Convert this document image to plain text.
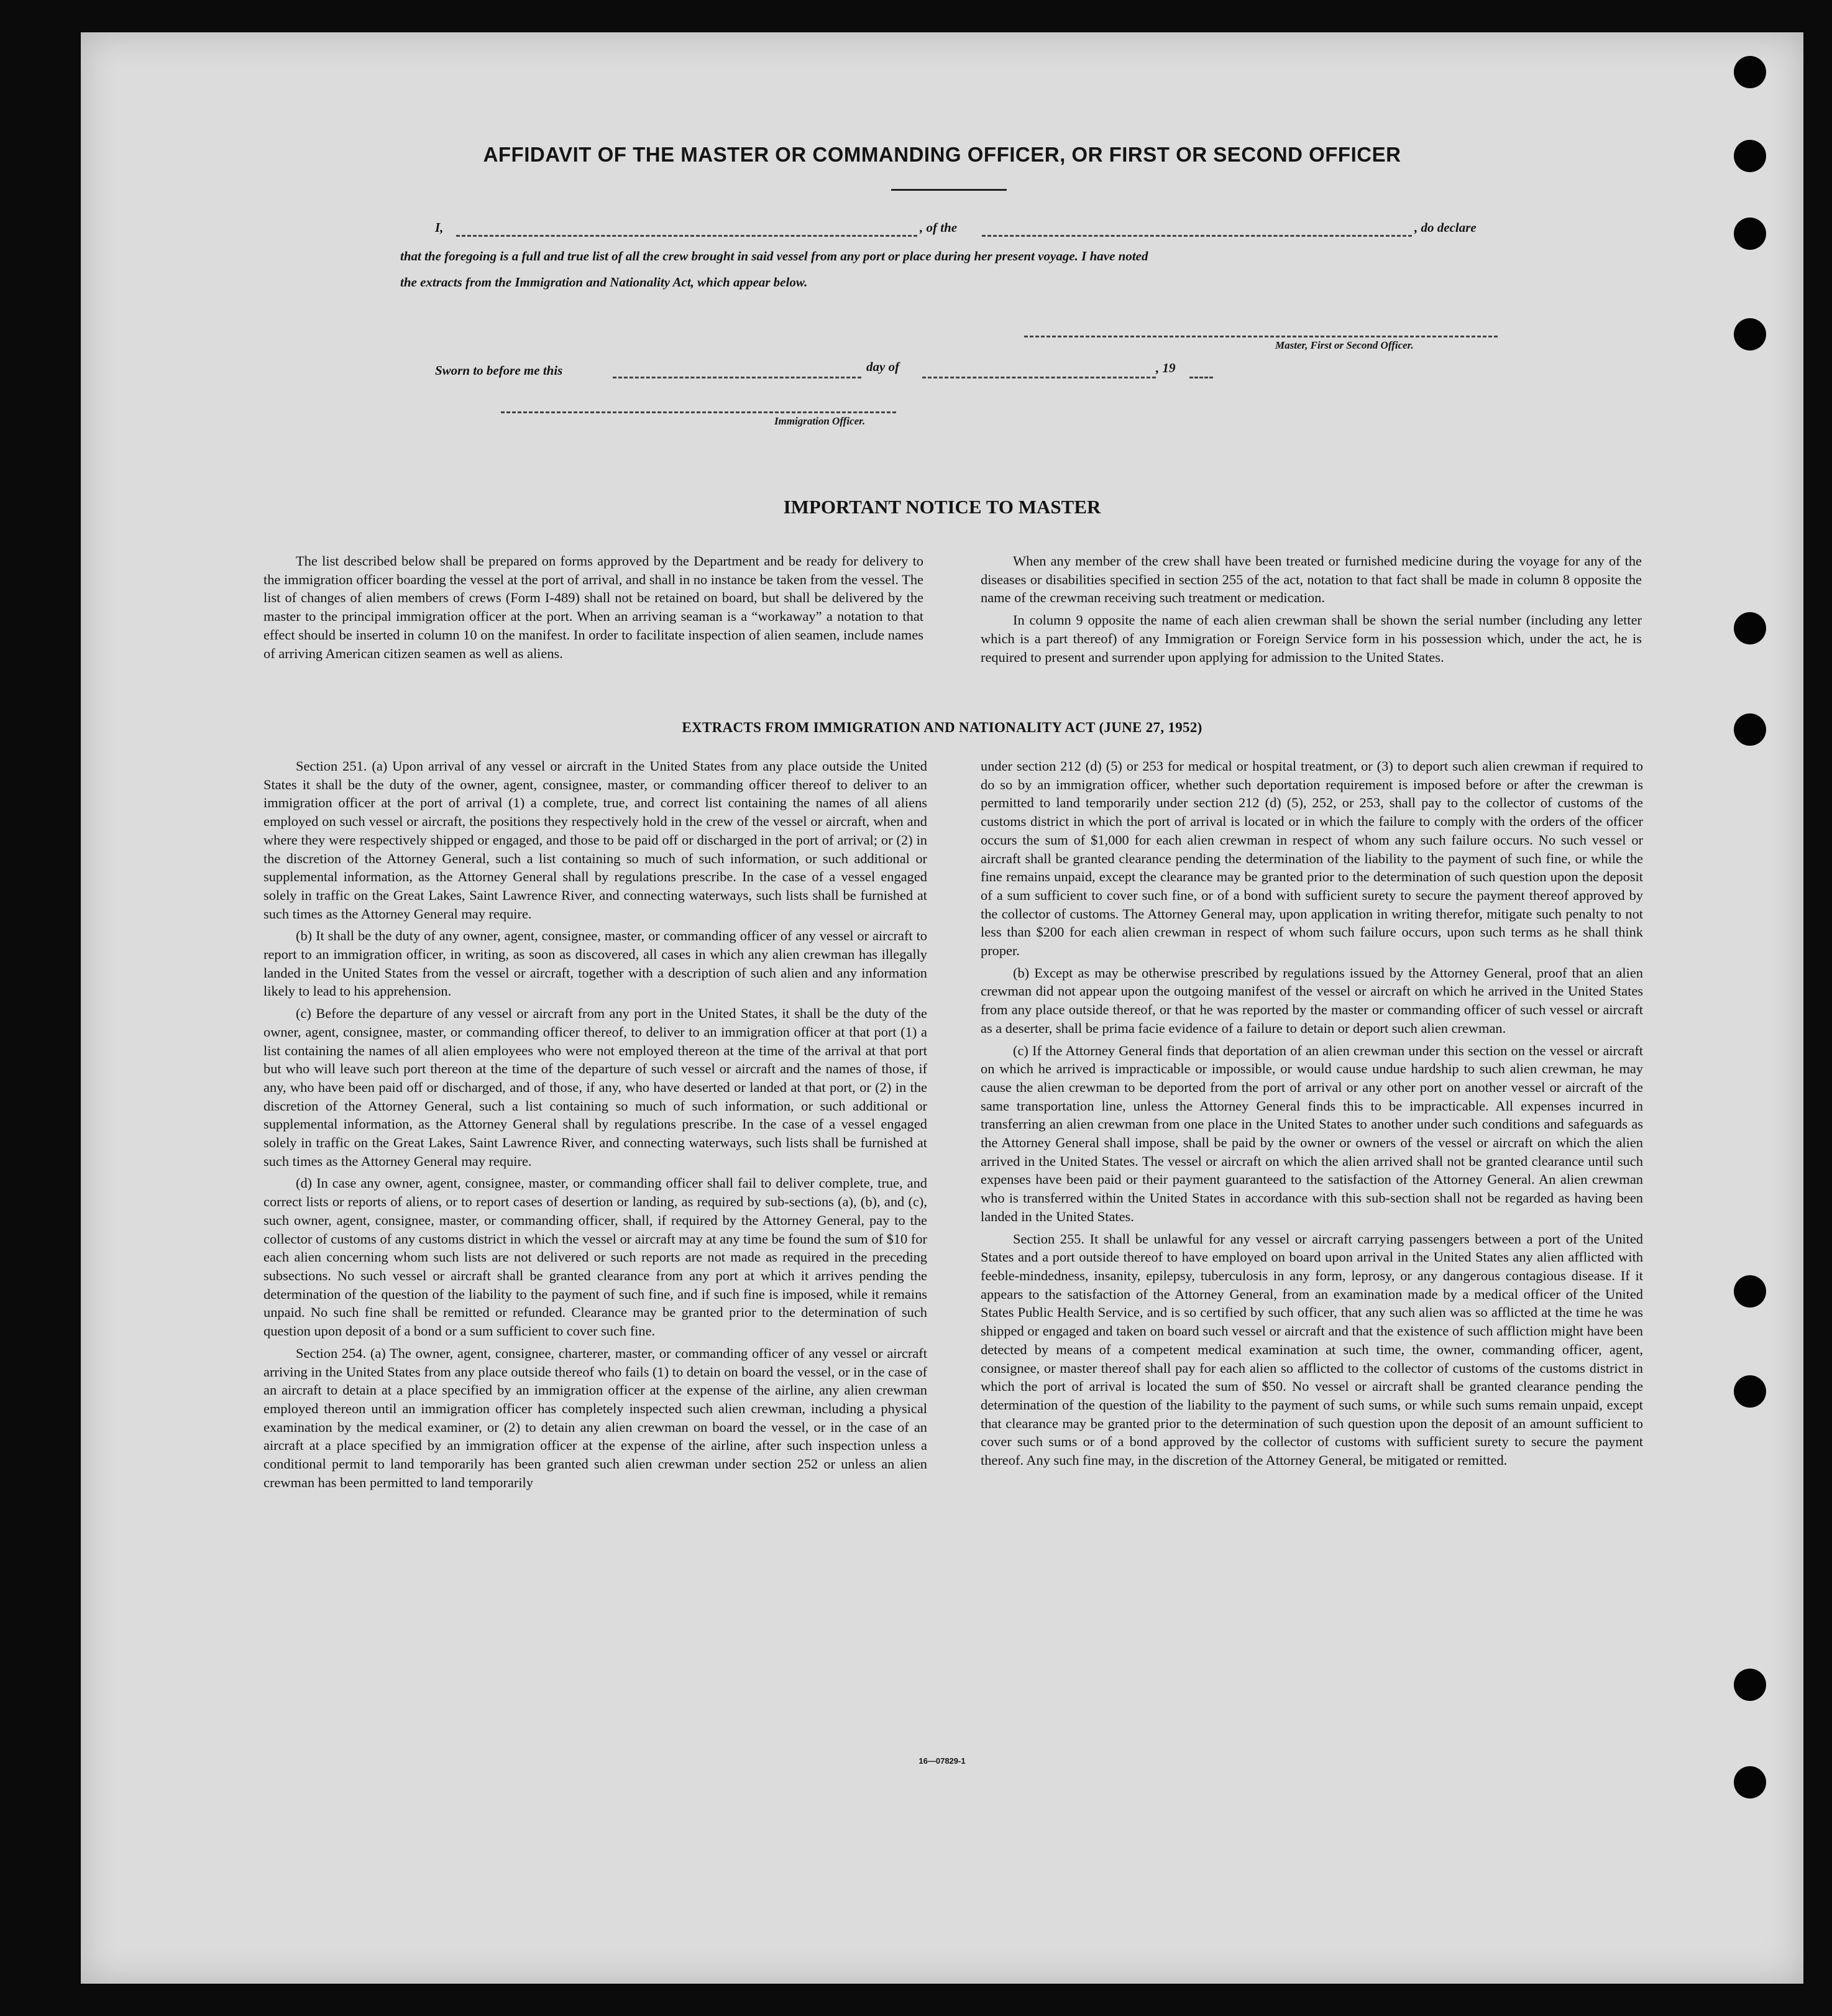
AFFIDAVIT OF THE MASTER OR COMMANDING OFFICER, OR FIRST OR SECOND OFFICER
I,	, of the	, do declare
that the foregoing is a full and true list of all the crew brought in said vessel from any port or place during her present voyage. I have noted
the extracts from the Immigration and Nationality Act, which appear below.
Master, First or Second Officer.
Sworn to before me this	day of	, 19
Immigration Officer.
IMPORTANT NOTICE TO MASTER

The list described below shall be prepared on forms approved by the Department and be ready for delivery to the immigration officer boarding the vessel at the port of arrival, and shall in no instance be taken from the vessel. The list of changes of alien members of crews (Form I-489) shall not be retained on board, but shall be delivered by the master to the principal immigration officer at the port. When an arriving seaman is a “workaway” a notation to that effect should be inserted in column 10 on the manifest. In order to facilitate inspection of alien seamen, include names of arriving American citizen seamen as well as aliens.

When any member of the crew shall have been treated or furnished medicine during the voyage for any of the diseases or disabilities specified in section 255 of the act, notation to that fact shall be made in column 8 opposite the name of the crewman receiving such treatment or medication.

In column 9 opposite the name of each alien crewman shall be shown the serial number (including any letter which is a part thereof) of any Immigration or Foreign Service form in his possession which, under the act, he is required to present and surrender upon applying for admission to the United States.

EXTRACTS FROM IMMIGRATION AND NATIONALITY ACT (JUNE 27, 1952)

Section 251. (a) Upon arrival of any vessel or aircraft in the United States from any place outside the United States it shall be the duty of the owner, agent, consignee, master, or commanding officer thereof to deliver to an immigration officer at the port of arrival (1) a complete, true, and correct list containing the names of all aliens employed on such vessel or aircraft, the positions they respectively hold in the crew of the vessel or aircraft, when and where they were respectively shipped or engaged, and those to be paid off or discharged in the port of arrival; or (2) in the discretion of the Attorney General, such a list containing so much of such information, or such additional or supplemental information, as the Attorney General shall by regulations prescribe. In the case of a vessel engaged solely in traffic on the Great Lakes, Saint Lawrence River, and connecting waterways, such lists shall be furnished at such times as the Attorney General may require.

(b) It shall be the duty of any owner, agent, consignee, master, or commanding officer of any vessel or aircraft to report to an immigration officer, in writing, as soon as discovered, all cases in which any alien crewman has illegally landed in the United States from the vessel or aircraft, together with a description of such alien and any information likely to lead to his apprehension.

(c) Before the departure of any vessel or aircraft from any port in the United States, it shall be the duty of the owner, agent, consignee, master, or commanding officer thereof, to deliver to an immigration officer at that port (1) a list containing the names of all alien employees who were not employed thereon at the time of the arrival at that port but who will leave such port thereon at the time of the departure of such vessel or aircraft and the names of those, if any, who have been paid off or discharged, and of those, if any, who have deserted or landed at that port, or (2) in the discretion of the Attorney General, such a list containing so much of such information, or such additional or supplemental information, as the Attorney General shall by regulations prescribe. In the case of a vessel engaged solely in traffic on the Great Lakes, Saint Lawrence River, and connecting waterways, such lists shall be furnished at such times as the Attorney General may require.

(d) In case any owner, agent, consignee, master, or commanding officer shall fail to deliver complete, true, and correct lists or reports of aliens, or to report cases of desertion or landing, as required by sub-sections (a), (b), and (c), such owner, agent, consignee, master, or commanding officer, shall, if required by the Attorney General, pay to the collector of customs of any customs district in which the vessel or aircraft may at any time be found the sum of $10 for each alien concerning whom such lists are not delivered or such reports are not made as required in the preceding subsections. No such vessel or aircraft shall be granted clearance from any port at which it arrives pending the determination of the question of the liability to the payment of such fine, and if such fine is imposed, while it remains unpaid. No such fine shall be remitted or refunded. Clearance may be granted prior to the determination of such question upon deposit of a bond or a sum sufficient to cover such fine.

Section 254. (a) The owner, agent, consignee, charterer, master, or commanding officer of any vessel or aircraft arriving in the United States from any place outside thereof who fails (1) to detain on board the vessel, or in the case of an aircraft to detain at a place specified by an immigration officer at the expense of the airline, any alien crewman employed thereon until an immigration officer has completely inspected such alien crewman, including a physical examination by the medical examiner, or (2) to detain any alien crewman on board the vessel, or in the case of an aircraft at a place specified by an immigration officer at the expense of the airline, after such inspection unless a conditional permit to land temporarily has been granted such alien crewman under section 252 or unless an alien crewman has been permitted to land temporarily

under section 212 (d) (5) or 253 for medical or hospital treatment, or (3) to deport such alien crewman if required to do so by an immigration officer, whether such deportation requirement is imposed before or after the crewman is permitted to land temporarily under section 212 (d) (5), 252, or 253, shall pay to the collector of customs of the customs district in which the port of arrival is located or in which the failure to comply with the orders of the officer occurs the sum of $1,000 for each alien crewman in respect of whom any such failure occurs. No such vessel or aircraft shall be granted clearance pending the determination of the liability to the payment of such fine, or while the fine remains unpaid, except the clearance may be granted prior to the determination of such question upon the deposit of a sum sufficient to cover such fine, or of a bond with sufficient surety to secure the payment thereof approved by the collector of customs. The Attorney General may, upon application in writing therefor, mitigate such penalty to not less than $200 for each alien crewman in respect of whom such failure occurs, upon such terms as he shall think proper.

(b) Except as may be otherwise prescribed by regulations issued by the Attorney General, proof that an alien crewman did not appear upon the outgoing manifest of the vessel or aircraft on which he arrived in the United States from any place outside thereof, or that he was reported by the master or commanding officer of such vessel or aircraft as a deserter, shall be prima facie evidence of a failure to detain or deport such alien crewman.

(c) If the Attorney General finds that deportation of an alien crewman under this section on the vessel or aircraft on which he arrived is impracticable or impossible, or would cause undue hardship to such alien crewman, he may cause the alien crewman to be deported from the port of arrival or any other port on another vessel or aircraft of the same transportation line, unless the Attorney General finds this to be impracticable. All expenses incurred in transferring an alien crewman from one place in the United States to another under such conditions and safeguards as the Attorney General shall impose, shall be paid by the owner or owners of the vessel or aircraft on which the alien arrived in the United States. The vessel or aircraft on which the alien arrived shall not be granted clearance until such expenses have been paid or their payment guaranteed to the satisfaction of the Attorney General. An alien crewman who is transferred within the United States in accordance with this sub-section shall not be regarded as having been landed in the United States.

Section 255. It shall be unlawful for any vessel or aircraft carrying passengers between a port of the United States and a port outside thereof to have employed on board upon arrival in the United States any alien afflicted with feeble-mindedness, insanity, epilepsy, tuberculosis in any form, leprosy, or any dangerous contagious disease. If it appears to the satisfaction of the Attorney General, from an examination made by a medical officer of the United States Public Health Service, and is so certified by such officer, that any such alien was so afflicted at the time he was shipped or engaged and taken on board such vessel or aircraft and that the existence of such affliction might have been detected by means of a competent medical examination at such time, the owner, commanding officer, agent, consignee, or master thereof shall pay for each alien so afflicted to the collector of customs of the customs district in which the port of arrival is located the sum of $50. No vessel or aircraft shall be granted clearance pending the determination of the question of the liability to the payment of such sums, or while such sums remain unpaid, except that clearance may be granted prior to the determination of such question upon the deposit of an amount sufficient to cover such sums or of a bond approved by the collector of customs with sufficient surety to secure the payment thereof. Any such fine may, in the discretion of the Attorney General, be mitigated or remitted.

16—07829-1
